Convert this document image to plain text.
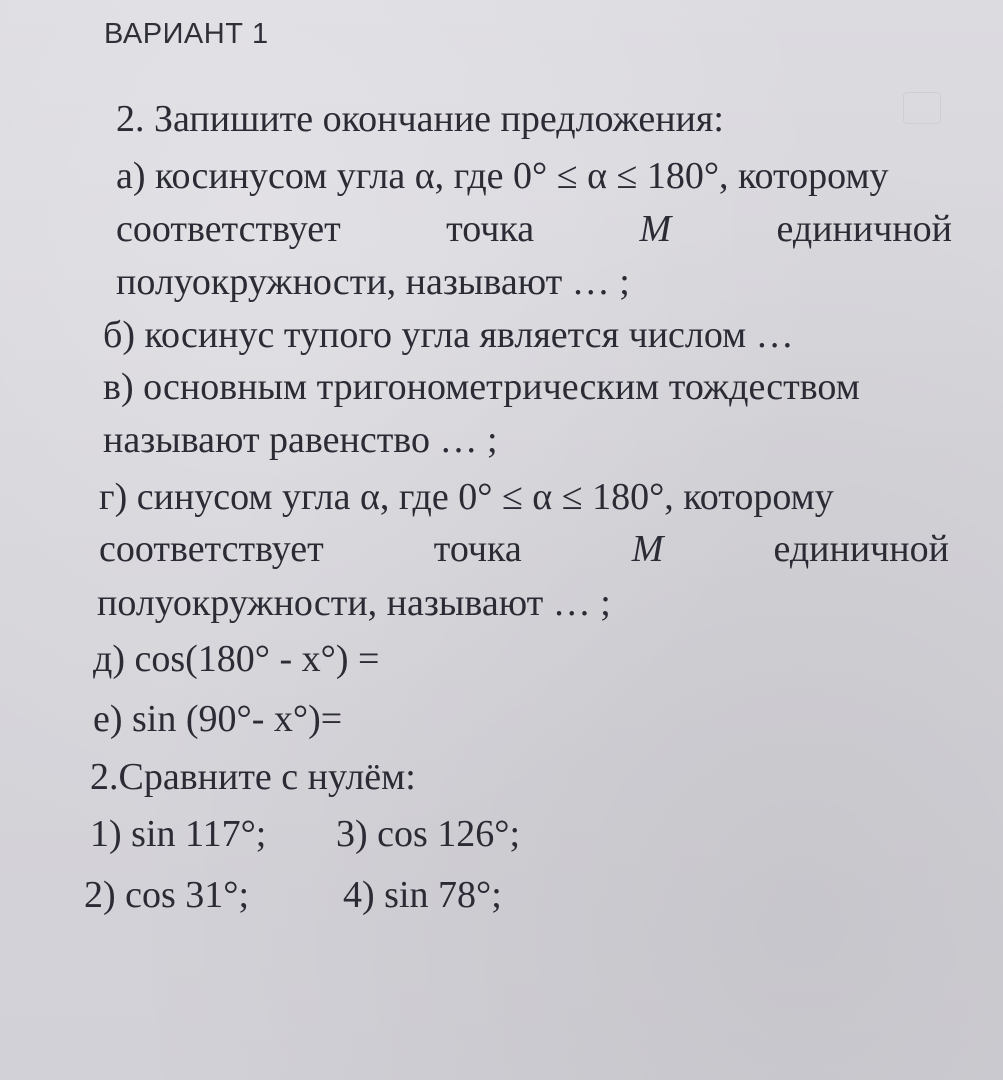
ВАРИАНТ 1
2. Запишите окончание предложения:
а) косинусом угла α, где 0° ≤ α ≤ 180°, которому
соответствует	точка	M	единичной
полуокружности, называют … ;
б) косинус тупого угла является числом …
в) основным тригонометрическим тождеством
называют равенство … ;
г) синусом угла α, где 0° ≤ α ≤ 180°, которому
соответствует	точка	M	единичной
полуокружности, называют … ;
д) cos(180° - x°) =
е) sin (90°- x°)=
2.Сравните с нулём:
1) sin 117°; 3) cos 126°;
2) cos 31°; 4) sin 78°;
